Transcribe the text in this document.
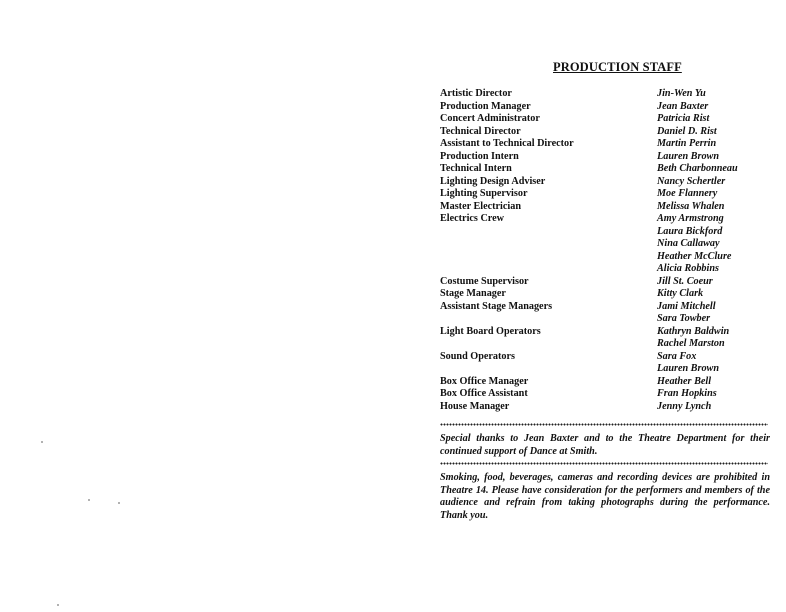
PRODUCTION STAFF
Artistic Director	Jin-Wen Yu
Production Manager	Jean Baxter
Concert Administrator	Patricia Rist
Technical Director	Daniel D. Rist
Assistant to Technical Director	Martin Perrin
Production Intern	Lauren Brown
Technical Intern	Beth Charbonneau
Lighting Design Adviser	Nancy Schertler
Lighting Supervisor	Moe Flannery
Master Electrician	Melissa Whalen
Electrics Crew	Amy Armstrong
Laura Bickford
Nina Callaway
Heather McClure
Alicia Robbins
Costume Supervisor	Jill St. Coeur
Stage Manager	Kitty Clark
Assistant Stage Managers	Jami Mitchell
Sara Towber
Light Board Operators	Kathryn Baldwin
Rachel Marston
Sound Operators	Sara Fox
Lauren Brown
Box Office Manager	Heather Bell
Box Office Assistant	Fran Hopkins
House Manager	Jenny Lynch
Special thanks to Jean Baxter and to the Theatre Department for their continued support of Dance at Smith.
Smoking, food, beverages, cameras and recording devices are prohibited in Theatre 14. Please have consideration for the performers and members of the audience and refrain from taking photographs during the performance. Thank you.
